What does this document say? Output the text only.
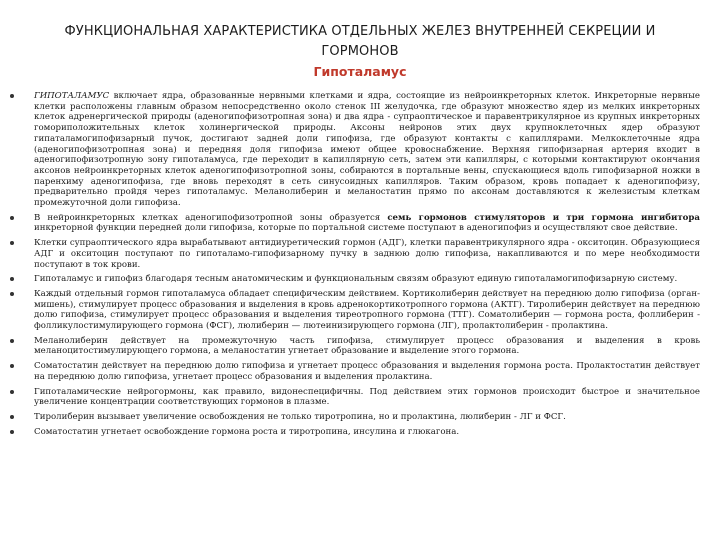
ФУНКЦИОНАЛЬНАЯ ХАРАКТЕРИСТИКА ОТДЕЛЬНЫХ ЖЕЛЕЗ ВНУТРЕННЕЙ СЕКРЕЦИИ И ГОРМОНОВ
Гипоталамус
ГИПОТАЛАМУС включает ядра, образованные нервными клетками и ядра, состоящие из нейроинкреторных клеток. Инкреторные нервные клетки расположены главным образом непосредственно около стенок III желудочка, где образуют множество ядер из мелких инкреторных клеток адренергической природы (аденогипофизотропная зона) и два ядра - супраоптическое и паравентрикулярное из крупных инкреторных гомориположительных клеток холинергической природы. Аксоны нейронов этих двух крупноклеточных ядер образуют гипаталамогипофизарный пучок, достигают задней доли гипофиза, где образуют контакты с капиллярами. Мелкоклеточные ядра (аденогипофизотропная зона) и передняя доля гипофиза имеют общее кровоснабжение. Верхняя гипофизарная артерия входит в аденогипофизотропную зону гипоталамуса, где переходит в капиллярную сеть, затем эти капилляры, с которыми контактируют окончания аксонов нейроинкреторных клеток аденогипофизотропной зоны, собираются в портальные вены, спускающиеся вдоль гипофизарной ножки в паренхиму аденогипофиза, где вновь переходят в сеть синусоидных капилляров. Таким образом, кровь попадает к аденогипофизу, предварительно пройдя через гипоталамус. Меланолиберин и меланостатин прямо по аксонам доставляются к железистым клеткам промежуточной доли гипофиза.
В нейроинкреторных клетках аденогипофизотропной зоны образуется семь гормонов стимуляторов и три гормона ингибитора инкреторной функции передней доли гипофиза, которые по портальной системе поступают в аденогипофиз и осуществляют свое действие.
Клетки супраоптического ядра вырабатывают антидиуретический гормон (АДГ), клетки паравентрикулярного ядра - окситоцин. Образующиеся АДГ и окситоцин поступают по гипоталамо-гипофизарному пучку в заднюю долю гипофиза, накапливаются и по мере необходимости поступают в ток крови.
Гипоталамус и гипофиз благодаря тесным анатомическим и функциональным связям образуют единую гипоталамогипофизарную систему.
Каждый отдельный гормон гипоталамуса обладает специфическим действием. Кортиколиберин действует на переднюю долю гипофиза (орган-мишень), стимулирует процесс образования и выделения в кровь адренокортикотропного гормона (АКТГ). Тиролиберин действует на переднюю долю гипофиза, стимулирует процесс образования и выделения тиреотропного гормона (ТТГ). Соматолиберин — гормона роста, фоллиберин - фолликулостимулирующего гормона (ФСГ), люлиберин — лютеинизирующего гормона (ЛГ), пролактолиберин - пролактина.
Меланолиберин действует на промежуточную часть гипофиза, стимулирует процесс образования и выделения в кровь меланоцитостимулирующего гормона, а меланостатин угнетает образование и выделение этого гормона.
Соматостатин действует на переднюю долю гипофиза и угнетает процесс образования и выделения гормона роста. Пролактостатин действует на переднюю долю гипофиза, угнетает процесс образования и выделения пролактина.
Гипоталамические нейрогормоны, как правило, видонеспецифичны. Под действием этих гормонов происходит быстрое и значительное увеличение концентрации соответствующих гормонов в плазме.
Тиролиберин вызывает увеличение освобождения не только тиротропина, но и пролактина, люлиберин - ЛГ и ФСГ.
Соматостатин угнетает освобождение гормона роста и тиротропина, инсулина и глюкагона.
